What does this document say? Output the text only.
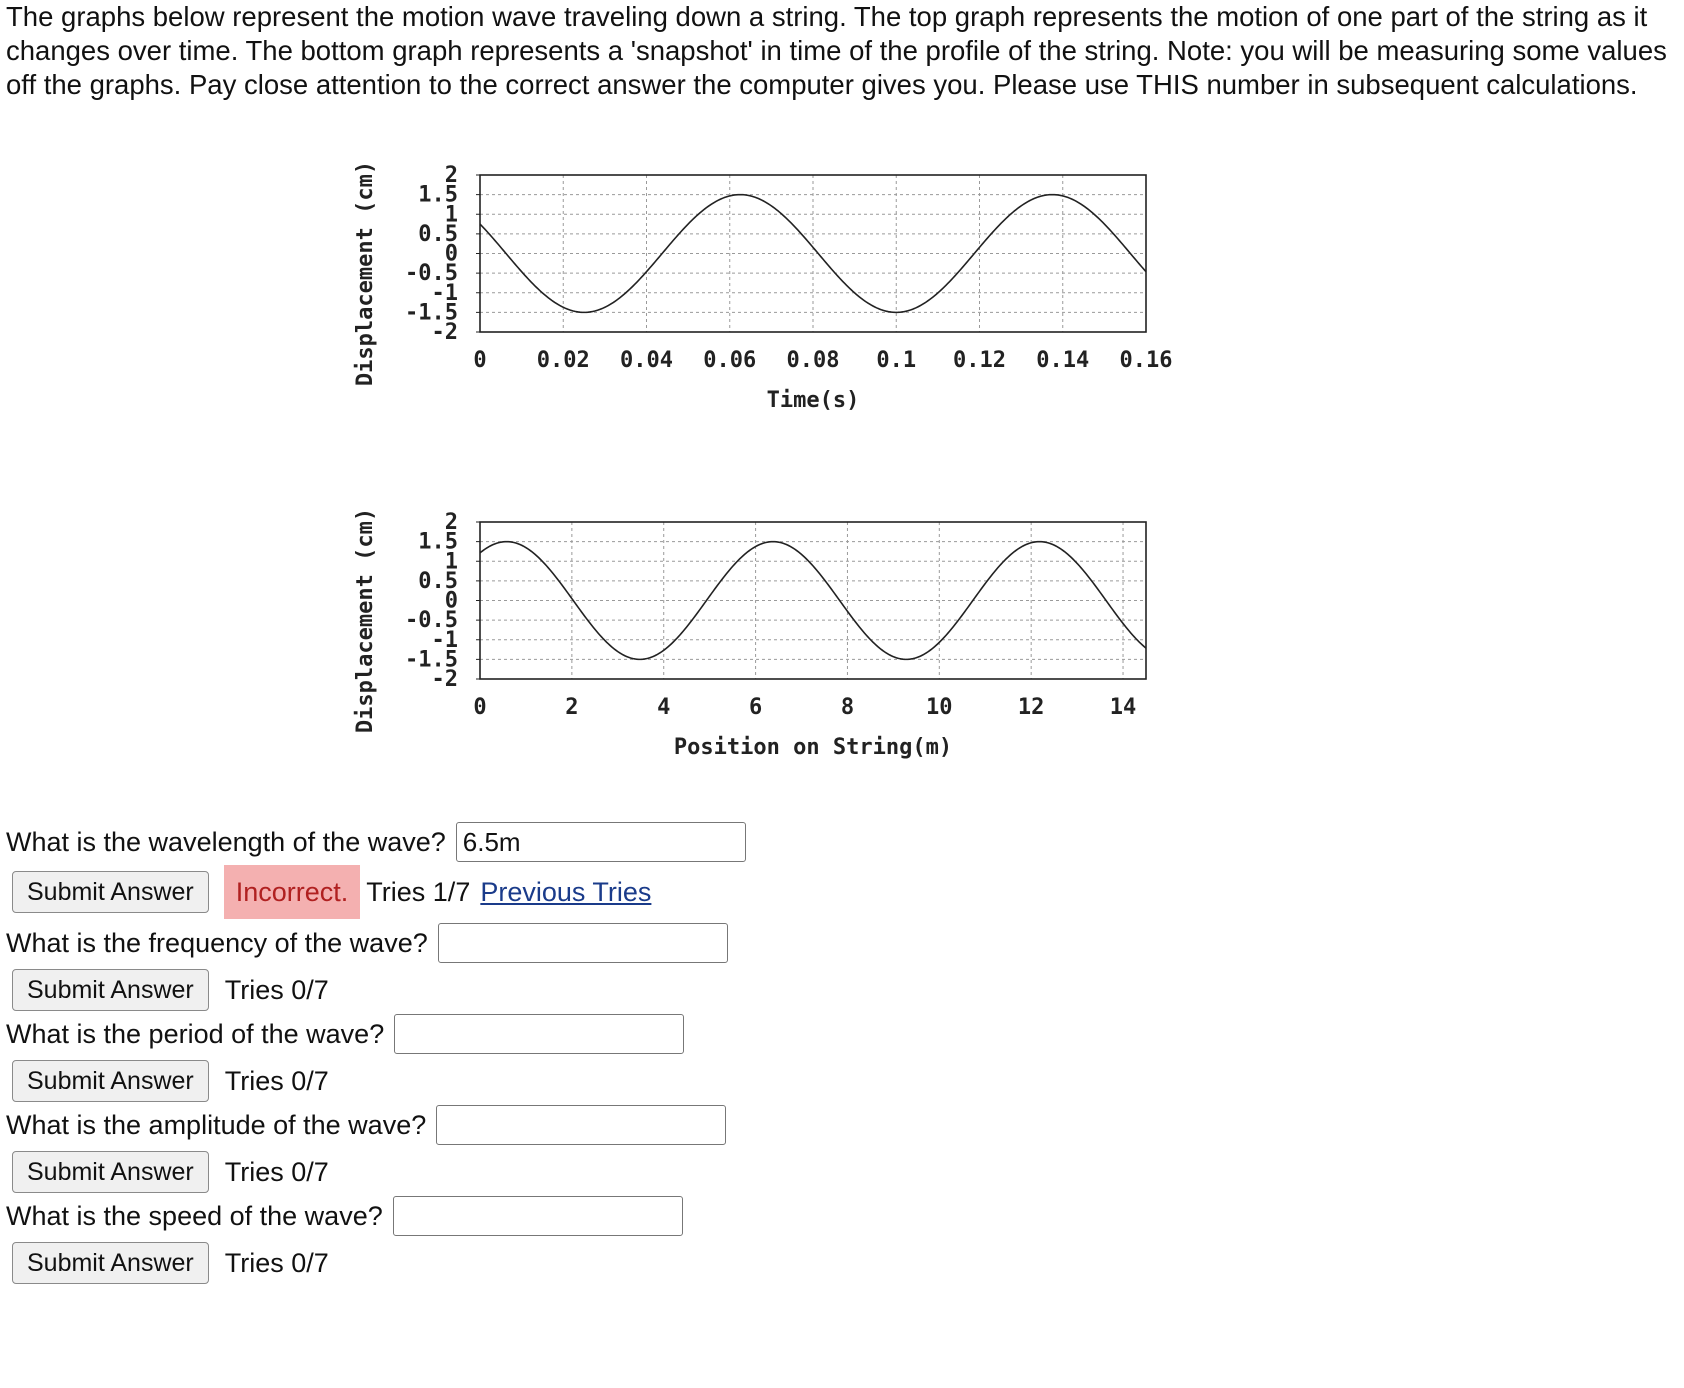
The graphs below represent the motion wave traveling down a string. The top graph represents the motion of one part of the string as it changes over time. The bottom graph represents a 'snapshot' in time of the profile of the string. Note: you will be measuring some values off the graphs. Pay close attention to the correct answer the computer gives you. Please use THIS number in subsequent calculations.

-2
-1.5
-1
-0.5
0
0.5
1
1.5
2
0 0.02 0.04 0.06 0.08 0.1 0.12 0.14 0.16
Time(s)
Displacement (cm)
-2
-1.5
-1
-0.5
0
0.5
1
1.5
2
0	2	4	6	8	10	12	14
Position on String(m)
Displacement (cm)
What is the wavelength of the wave?
6.5m
Submit Answer	Incorrect. Tries 1/7 Previous Tries
What is the frequency of the wave?
Submit Answer	Tries 0/7
What is the period of the wave?
Submit Answer	Tries 0/7
What is the amplitude of the wave?
Submit Answer	Tries 0/7
What is the speed of the wave?
Submit Answer	Tries 0/7
